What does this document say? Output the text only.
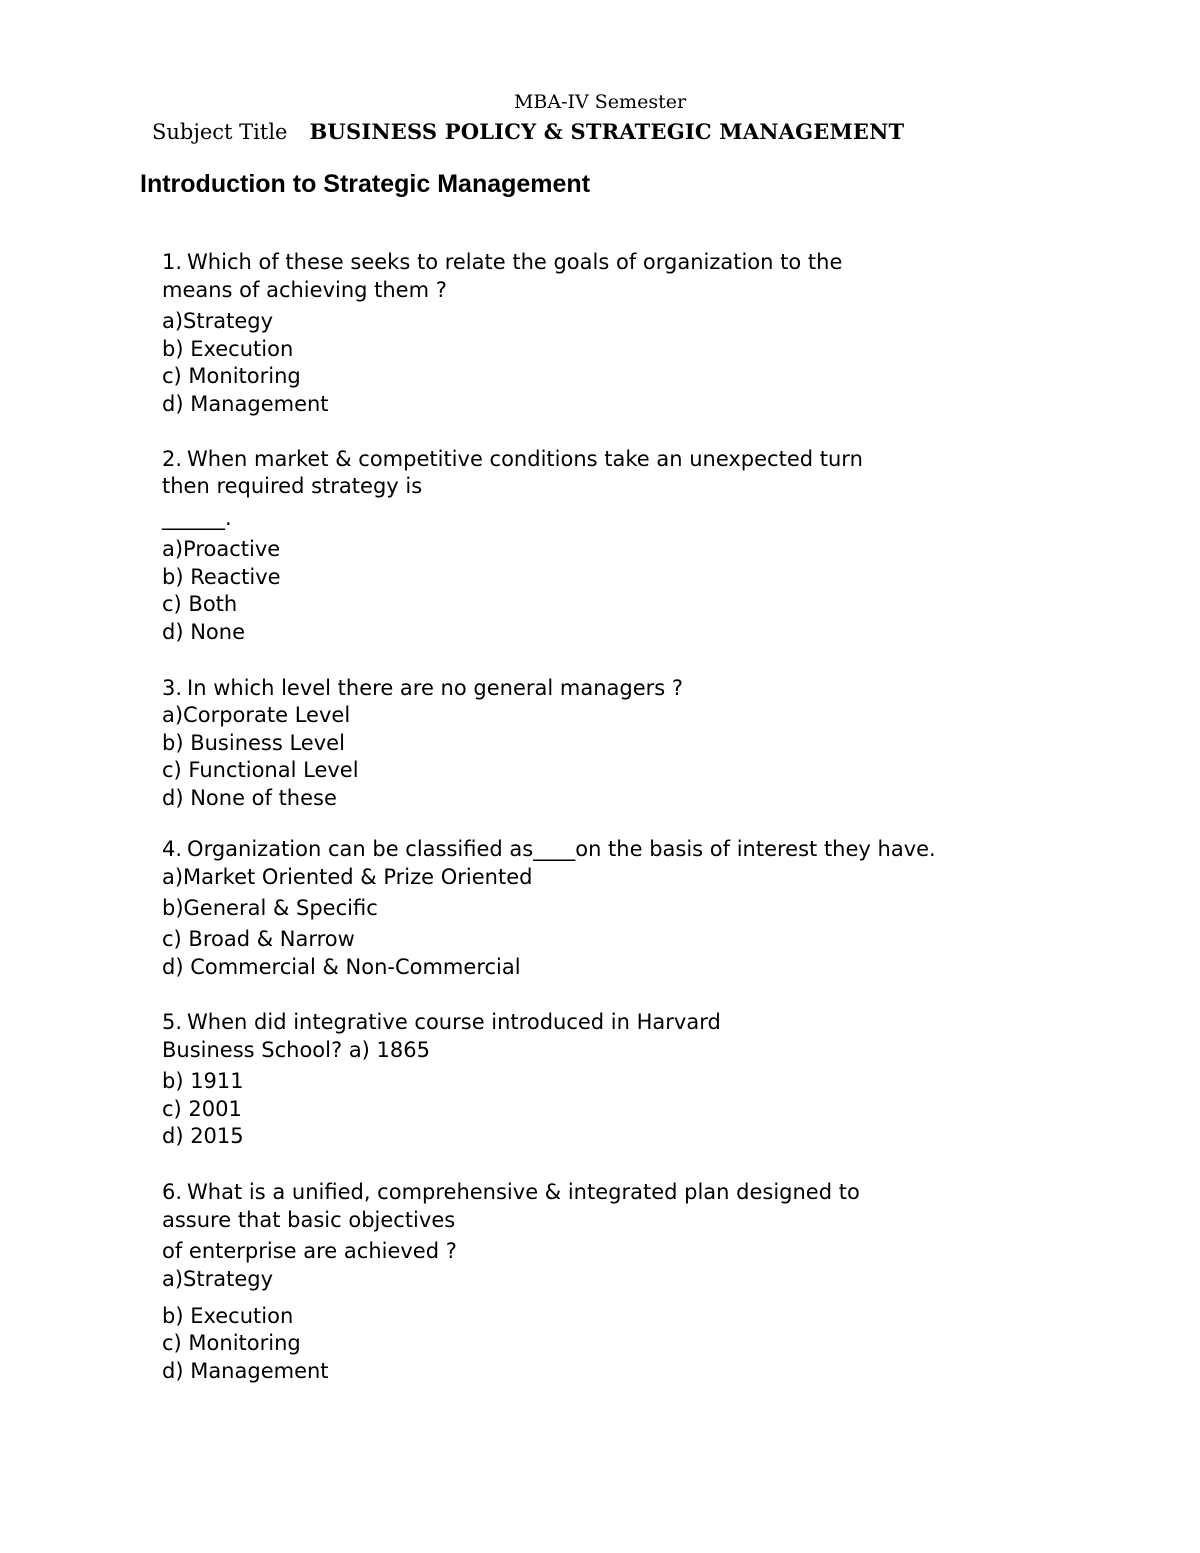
MBA-IV Semester
Subject Title BUSINESS POLICY & STRATEGIC MANAGEMENT
Introduction to Strategic Management
1. Which of these seeks to relate the goals of organization to the
means of achieving them ?
a)Strategy
b) Execution
c) Monitoring
d) Management
2. When market & competitive conditions take an unexpected turn
then required strategy is
______.
a)Proactive
b) Reactive
c) Both
d) None
3. In which level there are no general managers ?
a)Corporate Level
b) Business Level
c) Functional Level
d) None of these
4. Organization can be classified as____on the basis of interest they have.
a)Market Oriented & Prize Oriented
b)General & Specific
c) Broad & Narrow
d) Commercial & Non-Commercial
5. When did integrative course introduced in Harvard
Business School? a) 1865
b) 1911
c) 2001
d) 2015
6. What is a unified, comprehensive & integrated plan designed to
assure that basic objectives
of enterprise are achieved ?
a)Strategy
b) Execution
c) Monitoring
d) Management
